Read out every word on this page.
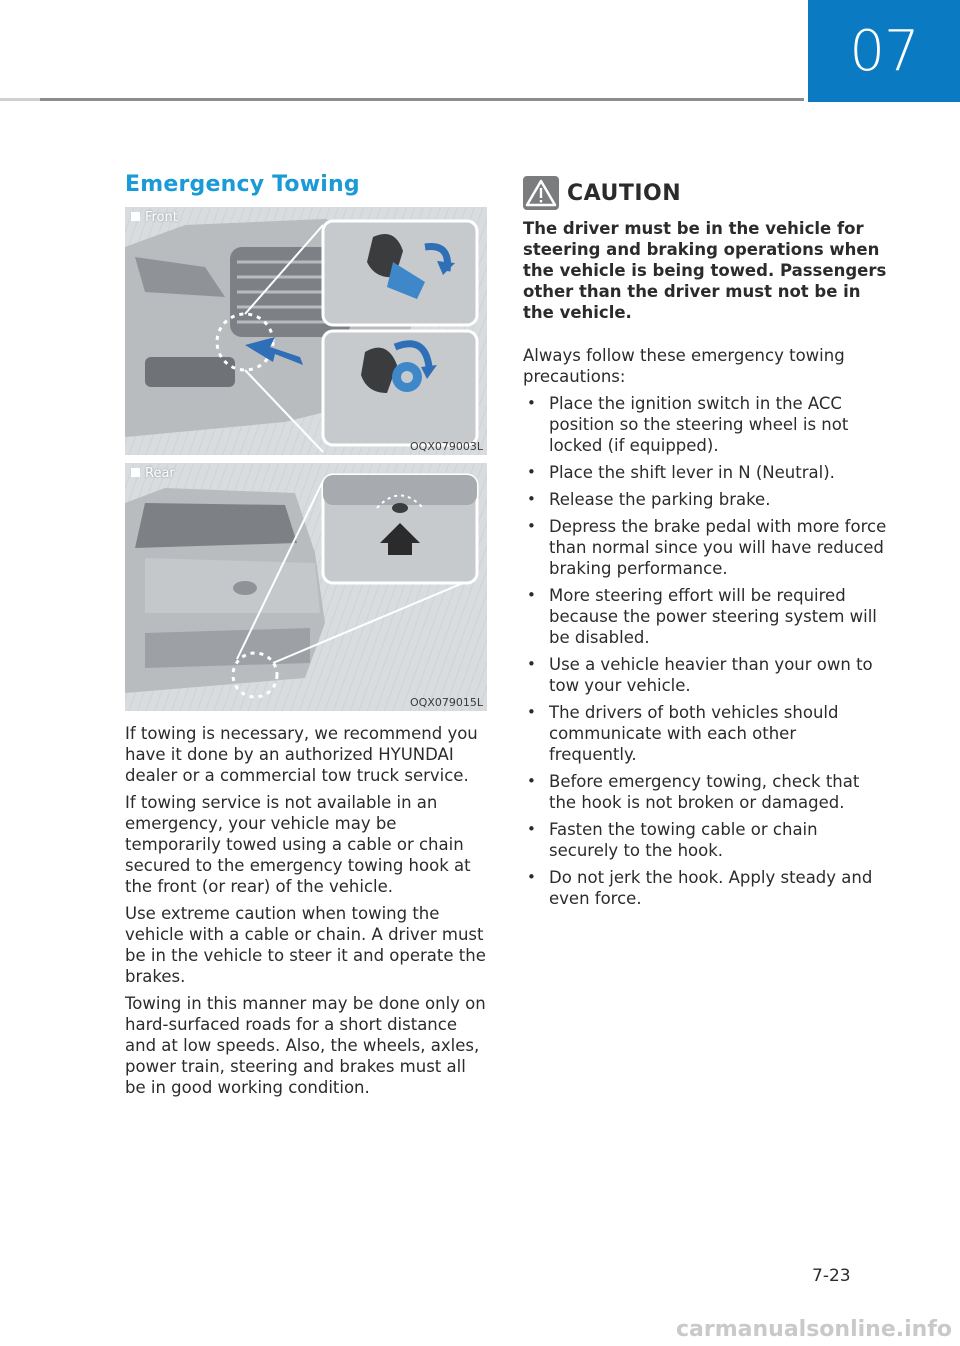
07
Emergency Towing
Front
OQX079003L
Rear
OQX079015L

If towing is necessary, we recommend you have it done by an authorized HYUNDAI dealer or a commercial tow truck service.

If towing service is not available in an emergency, your vehicle may be temporarily towed using a cable or chain secured to the emergency towing hook at the front (or rear) of the vehicle.

Use extreme caution when towing the vehicle with a cable or chain. A driver must be in the vehicle to steer it and operate the brakes.

Towing in this manner may be done only on hard-surfaced roads for a short distance and at low speeds. Also, the wheels, axles, power train, steering and brakes must all be in good working condition.

CAUTION

The driver must be in the vehicle for steering and braking operations when the vehicle is being towed. Passengers other than the driver must not be in the vehicle.

Always follow these emergency towing precautions:

• Place the ignition switch in the ACC position so the steering wheel is not locked (if equipped).
• Place the shift lever in N (Neutral).
• Release the parking brake.
• Depress the brake pedal with more force than normal since you will have reduced braking performance.
• More steering effort will be required because the power steering system will be disabled.
• Use a vehicle heavier than your own to tow your vehicle.
• The drivers of both vehicles should communicate with each other frequently.
• Before emergency towing, check that the hook is not broken or damaged.
• Fasten the towing cable or chain securely to the hook.
• Do not jerk the hook. Apply steady and even force.
7-23
carmanualsonline.info
